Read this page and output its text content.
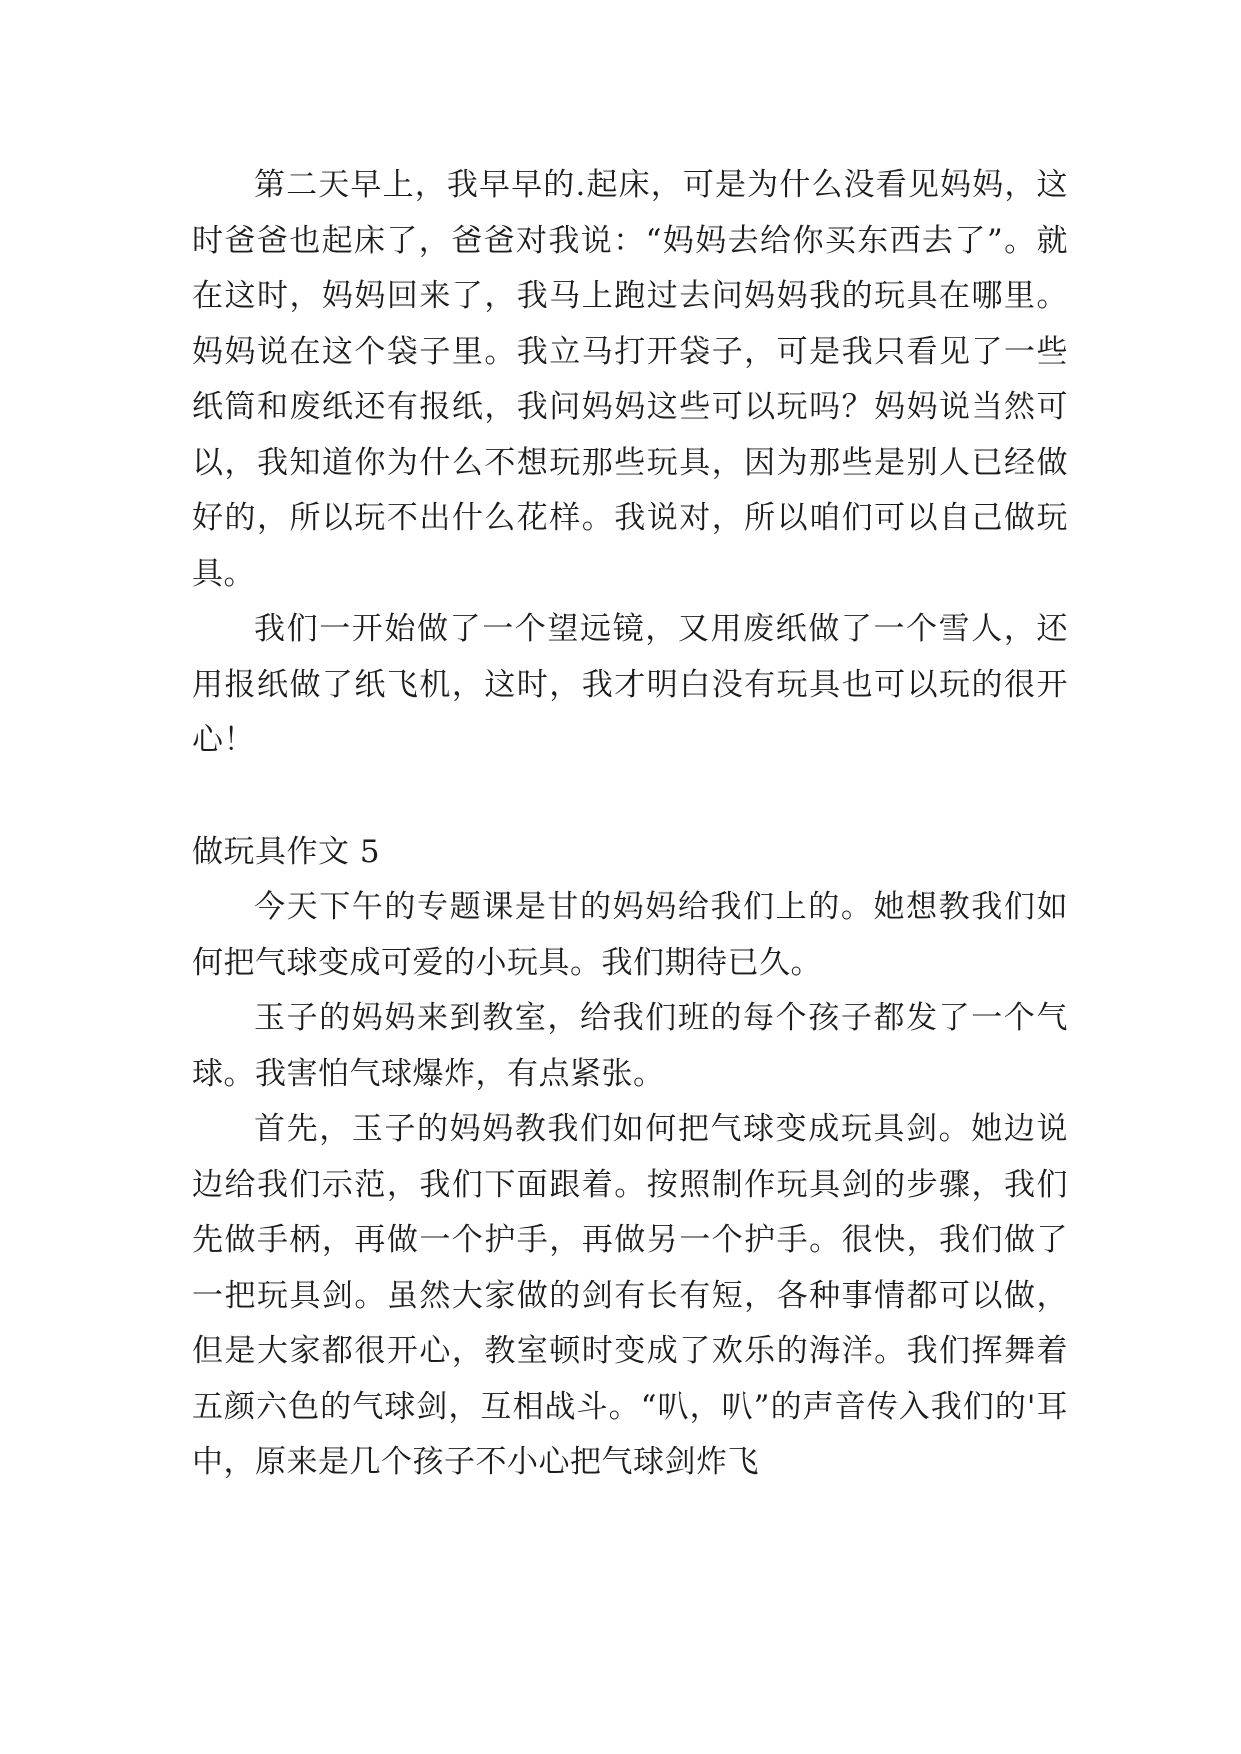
第二天早上，我早早的.起床，可是为什么没看见妈妈，这时爸爸也起床了，爸爸对我说：“妈妈去给你买东西去了”。就在这时，妈妈回来了，我马上跑过去问妈妈我的玩具在哪里。妈妈说在这个袋子里。我立马打开袋子，可是我只看见了一些纸筒和废纸还有报纸，我问妈妈这些可以玩吗？妈妈说当然可以，我知道你为什么不想玩那些玩具，因为那些是别人已经做好的，所以玩不出什么花样。我说对，所以咱们可以自己做玩具。

我们一开始做了一个望远镜，又用废纸做了一个雪人，还用报纸做了纸飞机，这时，我才明白没有玩具也可以玩的很开心！

做玩具作文 5

今天下午的专题课是甘的妈妈给我们上的。她想教我们如何把气球变成可爱的小玩具。我们期待已久。

玉子的妈妈来到教室，给我们班的每个孩子都发了一个气球。我害怕气球爆炸，有点紧张。

首先，玉子的妈妈教我们如何把气球变成玩具剑。她边说边给我们示范，我们下面跟着。按照制作玩具剑的步骤，我们先做手柄，再做一个护手，再做另一个护手。很快，我们做了一把玩具剑。虽然大家做的剑有长有短，各种事情都可以做，但是大家都很开心，教室顿时变成了欢乐的海洋。我们挥舞着五颜六色的气球剑，互相战斗。“叭，叭”的声音传入我们的'耳中，原来是几个孩子不小心把气球剑炸飞
